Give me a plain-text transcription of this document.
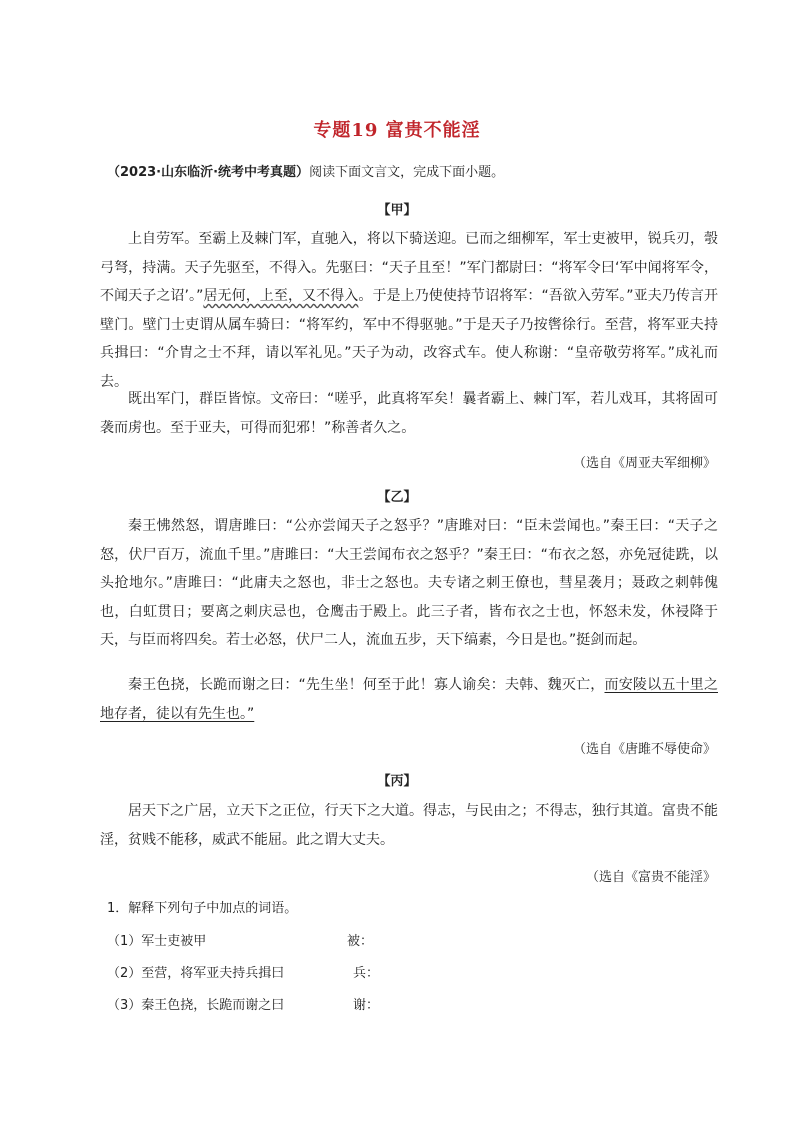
专题19 富贵不能淫
（2023·山东临沂·统考中考真题）阅读下面文言文，完成下面小题。
【甲】
上自劳军。至霸上及棘门军，直驰入，将以下骑送迎。已而之细柳军，军士吏被甲，锐兵刃，彀弓弩，持满。天子先驱至，不得入。先驱曰：“天子且至！”军门都尉曰：“将军令曰‘军中闻将军令，不闻天子之诏’。”居无何，上至，又不得入。于是上乃使使持节诏将军：“吾欲入劳军。”亚夫乃传言开壁门。壁门士吏谓从属车骑曰：“将军约，军中不得驱驰。”于是天子乃按辔徐行。至营，将军亚夫持兵揖曰：“介胄之士不拜，请以军礼见。”天子为动，改容式车。使人称谢：“皇帝敬劳将军。”成礼而去。
既出军门，群臣皆惊。文帝曰：“嗟乎，此真将军矣！曩者霸上、棘门军，若儿戏耳，其将固可袭而虏也。至于亚夫，可得而犯邪！”称善者久之。
（选自《周亚夫军细柳》
【乙】
秦王怫然怒，谓唐雎曰：“公亦尝闻天子之怒乎？”唐雎对曰：“臣未尝闻也。”秦王曰：“天子之怒，伏尸百万，流血千里。”唐雎曰：“大王尝闻布衣之怒乎？”秦王曰：“布衣之怒，亦免冠徒跣，以头抢地尔。”唐雎曰：“此庸夫之怒也，非士之怒也。夫专诸之刺王僚也，彗星袭月；聂政之刺韩傀也，白虹贯日；要离之刺庆忌也，仓鹰击于殿上。此三子者，皆布衣之士也，怀怒未发，休祲降于天，与臣而将四矣。若士必怒，伏尸二人，流血五步，天下缟素，今日是也。”挺剑而起。
秦王色挠，长跪而谢之曰：“先生坐！何至于此！寡人谕矣：夫韩、魏灭亡，而安陵以五十里之地存者，徒以有先生也。”
（选自《唐雎不辱使命》
【丙】
居天下之广居，立天下之正位，行天下之大道。得志，与民由之；不得志，独行其道。富贵不能淫，贫贱不能移，威武不能屈。此之谓大丈夫。
（选自《富贵不能淫》
1．解释下列句子中加点的词语。
（1）军士吏被甲	被：
（2）至营，将军亚夫持兵揖曰	兵：
（3）秦王色挠，长跪而谢之曰	谢：
